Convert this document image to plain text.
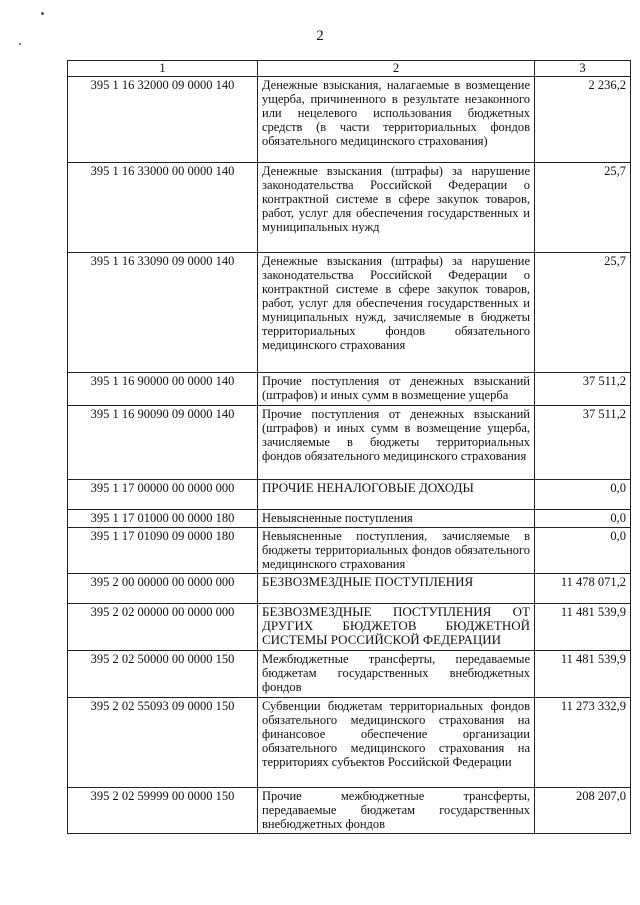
2
1	2	3
395 1 16 32000 09 0000 140	Денежные взыскания, налагаемые в возмещение ущерба, причиненного в результате незаконного или нецелевого использования бюджетных средств (в части территориальных фондов обязательного медицинского страхования)	2 236,2
395 1 16 33000 00 0000 140	Денежные взыскания (штрафы) за нарушение законодательства Российской Федерации о контрактной системе в сфере закупок товаров, работ, услуг для обеспечения государственных и муниципальных нужд	25,7
395 1 16 33090 09 0000 140	Денежные взыскания (штрафы) за нарушение законодательства Российской Федерации о контрактной системе в сфере закупок товаров, работ, услуг для обеспечения государственных и муниципальных нужд, зачисляемые в бюджеты территориальных фондов обязательного медицинского страхования	25,7
395 1 16 90000 00 0000 140	Прочие поступления от денежных взысканий (штрафов) и иных сумм в возмещение ущерба	37 511,2
395 1 16 90090 09 0000 140	Прочие поступления от денежных взысканий (штрафов) и иных сумм в возмещение ущерба, зачисляемые в бюджеты территориальных фондов обязательного медицинского страхования	37 511,2
395 1 17 00000 00 0000 000	ПРОЧИЕ НЕНАЛОГОВЫЕ ДОХОДЫ	0,0
395 1 17 01000 00 0000 180	Невыясненные поступления	0,0
395 1 17 01090 09 0000 180	Невыясненные поступления, зачисляемые в бюджеты территориальных фондов обязательного медицинского страхования	0,0
395 2 00 00000 00 0000 000	БЕЗВОЗМЕЗДНЫЕ ПОСТУПЛЕНИЯ	11 478 071,2
395 2 02 00000 00 0000 000	БЕЗВОЗМЕЗДНЫЕ ПОСТУПЛЕНИЯ ОТ ДРУГИХ БЮДЖЕТОВ БЮДЖЕТНОЙ СИСТЕМЫ РОССИЙСКОЙ ФЕДЕРАЦИИ	11 481 539,9
395 2 02 50000 00 0000 150	Межбюджетные трансферты, передаваемые бюджетам государственных внебюджетных фондов	11 481 539,9
395 2 02 55093 09 0000 150	Субвенции бюджетам территориальных фондов обязательного медицинского страхования на финансовое обеспечение организации обязательного медицинского страхования на территориях субъектов Российской Федерации	11 273 332,9
395 2 02 59999 00 0000 150	Прочие межбюджетные трансферты, передаваемые бюджетам государственных внебюджетных фондов	208 207,0
